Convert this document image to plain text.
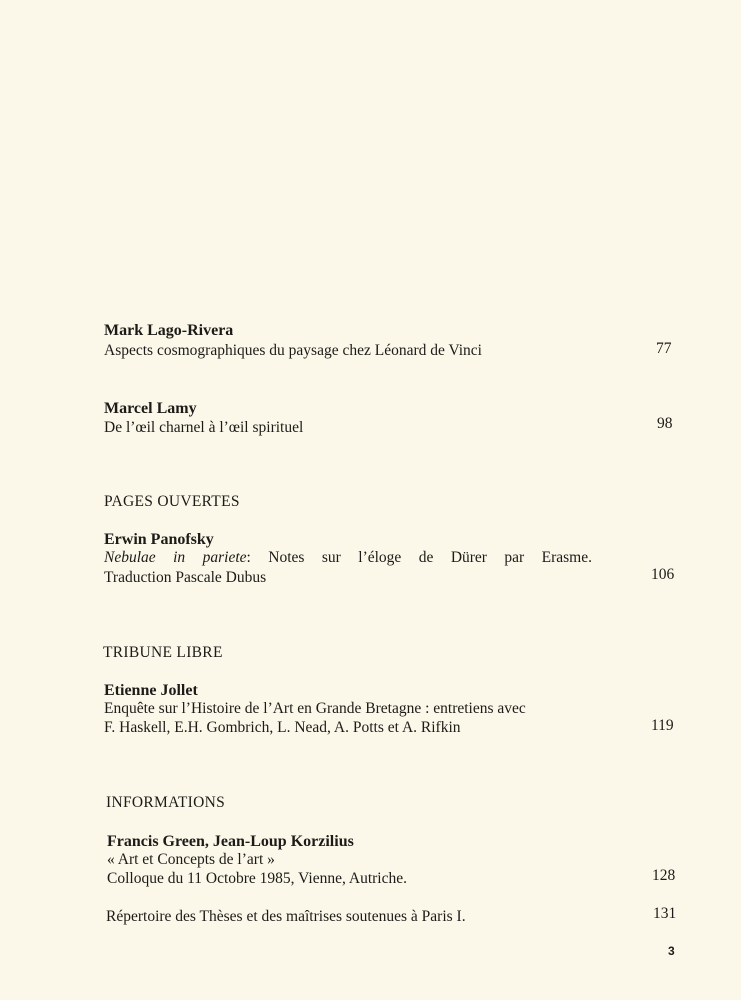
Mark Lago-Rivera
Aspects cosmographiques du paysage chez Léonard de Vinci	77
Marcel Lamy
De l’œil charnel à l’œil spirituel	98
PAGES OUVERTES
Erwin Panofsky
Nebulae in pariete: Notes sur l’éloge de Dürer par Erasme.
Traduction Pascale Dubus	106
TRIBUNE LIBRE
Etienne Jollet
Enquête sur l’Histoire de l’Art en Grande Bretagne : entretiens avec
F. Haskell, E.H. Gombrich, L. Nead, A. Potts et A. Rifkin	119
INFORMATIONS
Francis Green, Jean-Loup Korzilius
« Art et Concepts de l’art »
Colloque du 11 Octobre 1985, Vienne, Autriche.	128
Répertoire des Thèses et des maîtrises soutenues à Paris I.	131
3
